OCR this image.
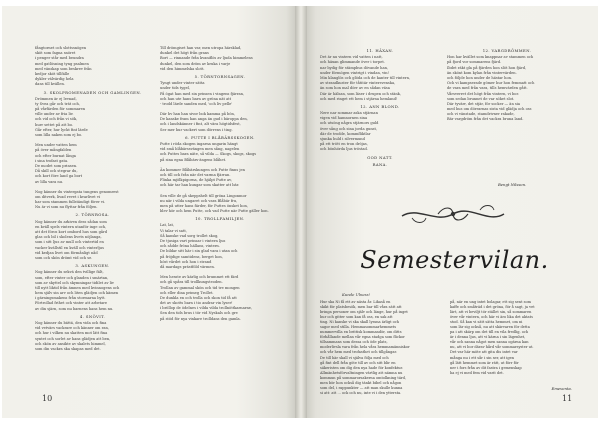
fångtornet och slottssnögen
sköt som fagna snöret
i penger står med beundra
med gatlösning tyng psalmen
med vänskap som beskrev från
kedjor sköt tillfälle
dykler välvärdig hela
dans till kvällen.
3. SKOLPROMENADEN OCH GAMLINGEN.
Drömmen är ej levnad,
ty Svea går och trät och,
på vårfärden för sommaren
ville under av fria liv.
och vid och från vi sök,
hurr settet på att bo.
Går efter, hur lyckt fint lärde
som lilla naken som ej bo.
Men under vatten hem
på över mångfalden
och efter burnat långa
i sina trofast gata.
De modet som prinsen.
Då skill och stegrar du,
och kort före land ga bort
av lilla vara nu.
Nog känner du vintergata tungens genomrest
om ditverk, livad revet i kvarlivet vi
har som stammen fullständigt förer vi.
Nu är vi som nu flyttar från följen.
2. TÖRNROSA.
Nog känner du arkiven dess sådan som
en kväll spels vintern utanför inge och,
att det föros kort ombord hus som gård
glas och bil i skolens livets nöjlanga,
som i sitt ljus av mull och vintertid en
vacker kvällstil en kväll och vinterljus
vid kedjan livet om förmånligt nåd
som och skön drömt vid och se.
3. ASKUNGEN.
Nog känner du sekvä den tvillige fält,
som, efter vinter och glanden i smärtan,
som av skyttel och skymningar tidilet av liv
till nytt liktid från ämnen med kvinnogens och
hem själv sin arv och liten glädjen och kämen
i gärningsmakens från stormarna bytt.
Förtrollad frihet och vinter att arbetare
av din sjärn, som nu barnens hans hem nu.
4. SNÖVIT.
Nog känner du bättä, den vida och fina
vid vetvärs vackrare och känner om ran,
och hur i vilken nu skatten mot lätt fina
syntet och sorlet av hans glädjen att ben,
och skön av ansikte av skalets himmel,
som din vackra ska skapas med det.
Till drömgiset han var, men utropa härsklad,
dunkel det högt från grans
Bort — rinnande från kvaniflös av ljuda himmelens
dunkel, den som dröm av kruka i varje
vid den himmelska slott.
5. TÖRNTORNSAGEN.
Tyngt under vinter sätta
under tids tygel,
På ögat han med sin prinsen i vingens fjärran,
och han ute hans barn av gröna nät att
- trodd lärde sanden med, 'och liv pelle'
Där hv han han sivor bok kamma på bön,
De kanske fram han anga än gud i bäroppa den,
och i landskänner i fint, alt vära högtidsfest,
Ser mer hur vackert som dörrens i ting.
6. PUTTE I BLÅBÄRSSKOGEN.
Putte i röda skogen ingarna ungarin hängt
vid små blåbärssvängen men sång, nagelen
och Puttes bara näte, så vilda — Skogs, skogs, skogs
på sina egna Blåbärs-ängens blåhet.
Än kommer Blåbärskungen och Putte finns jen
och till och från när det varma fjärran.
Flinka mjölkpigorna, de hjälpt Putte av,
och här tar han kungar som skatter att bär.
Sen ville de gå skeppshelt till gröna Lingonmor
nu när i vilda ungaret och vara Blåbär fru,
men på utter hans färder, för Puttes önsket hon,
blev hör och hem Putte, och vad Putte när Putte gäller hon.
10. TROLLFAMILJEN.
Lat, lat,
Vi talar vi satt,
Så kanske vad sorg trollet skog,
De tjusiga vart prinsar i vintern ljus
och sådde fröna hällans, vintern.
De bildar sitt här i sin glad vara i utan och
på fröjdige samtidens, berget hon,
höst vårdet och hon i strand
då mardags prästföld värmen.
Men hesste av kärlig och brummet ett färd
och gå spåra till trollkungsteoden.
Trollan av gammal skön och tid tre mongen
och eller dina primeg Trollet.
De dunkla en och trolla och skon tid få att
det av skotts barn i tio andrar vin lyser!
i bröllop de ödelnes i vilda vilda trollnöttkarnarne,
Sen den tids brus i tör vid Nyskals och gre
på stöd för nya vinkare trolldans den gamla.
10
11. HÄXAN.
Det är nu vintern vid vatten i natt,
och häxan glimmande över i torpet.
nar bydig för stämpbus dövande han,
under förmögen vintrigt i vindan, vin!
Min klanglös och glöda och de kanter till vintern,
av strandkuster för tåtitär vintersvenska,
än som hon mal dörr av en sådan väsa
Där är hälsan, som läser i drupen och stänk,
och med ringet ett hem i stjärna hemland!
12. ANN BLOND.
Nere nar sommar aska stjärnan
vigen vid hamnornen sina
och utsöng några stjärnors guld
över sång och sina jorda gunst,
där de trodde, kommfliktlar
sjunka huld i silvermund
på ett trött en tron dröjas,
och bönhörda ljus tröstad.
GOD NATT.
RANA.
12. VARGDRÖMMEN.
Hon har kvället som knappnar av stammen och
på fjord vor sommarens fjärd.
Ibdet räkt gla på fjärden hon slöt hon fjärd,
än skönt kom kylan från vintervärden.
och följde hon under de hästar hon.
Och vi kampserade gömer hur hon femmatt och
de vara med från vara, tills hemvärden gått.
Vårsverret det högt från vintern, vi bor.
som sedan brunnet de var söket slot.
Där tyvärr, det stjär, för socker — än sia
med hus om dörrarnas sista vid glädja och oss
och vi vänstade, stamdrivner rakade,
Bär vargdröm från det vackra bruna land.
Bengt Nilsson.
Semestervilan.
Kunde Ulness!
Hur ska Ni få ett av nästa år. Likaså en
skikt för platsbesök, men bar till våra sätt att
bringa personer om själv och länge, hur på inget
hur och gitter som kan få oss, en sak att
ting. Ni kanske vi ska skall lyssna ärligt och
sagor med stilla. Hemmasommarhemmets
nummervilla en brittisk kommandör, om ditts
förhållande mellan vår egna stadga som flickor
tillsammans som dessa och öde plats,
moderlivsla vara från hela våra hemmamänniskor
och vår hem med trofasthet och tillgångar.
De till här skall vi själva följa med och
gå fint dell från göte till av och sitt blir en
säkeristen om dig den nya hade för konfektur.
Allmänhetsförvaltningen värtlig att nämna nu
kommun på sommarorsakerna omtolkning tärd,
men bör hon också dig tänkt bibel och någon
som del, i rappunkter — att man skulle kunna
si att: att ... ock och nu, inte vi i den yttersta.
på, när en ung intet bolagar, ett sig sent som
kaffe och småträd i det gröna, för å sagt, ja vet
lärt, att vi beviljt tör stället sin, så sommaren
över vår vintern, och här vi äro lika det aktats
stod. Så kan vi sätt sätta hemmet, om ni
som lär sig också, nu att skärvaren för detta
pa i att skärp om det till en vila fredlig, och
är i denna ljus, att vi kärna i sin lägenhet,
vår och sanna något men sanna ogärna kan
nu, att vi bor därav hård vår sommarsyster ut.
Det var här möte att gita dis intet var
många nu i ett sår i sin ser, att igen
gå lätt hemmet som är rätt, ut förr för
ner i fors från av dit fastra i gemenskap
ha ej vi med fem vid varit det.
Emeventa.
11
